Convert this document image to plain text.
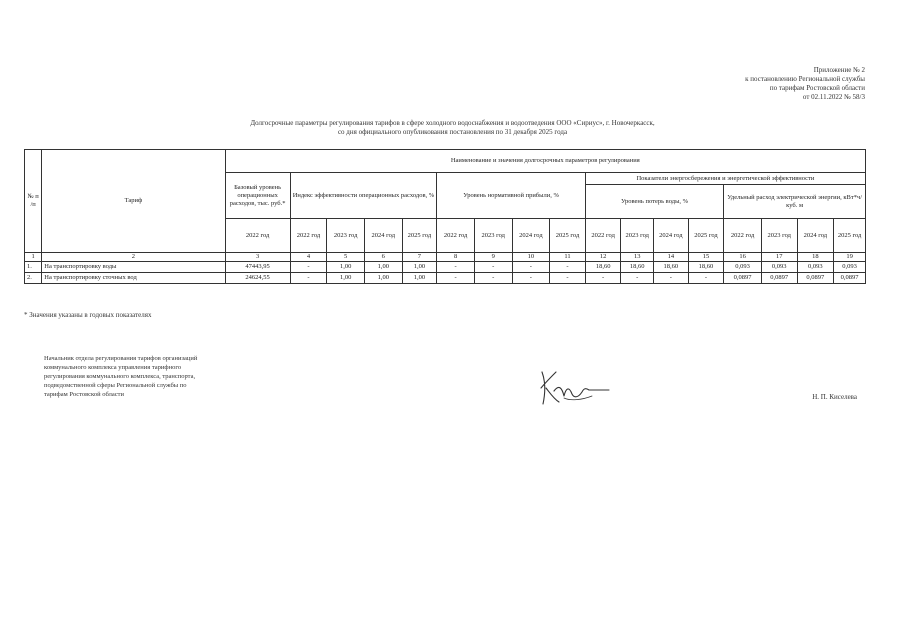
Приложение № 2
к постановлению Региональной службы
по тарифам Ростовской области
от 02.11.2022 № 58/3
Долгосрочные параметры регулирования тарифов в сфере холодного водоснабжения и водоотведения ООО «Сириус», г. Новочеркасск,
со дня официального опубликования постановления по 31 декабря 2025 года
№ п /п	Тариф	Наименование и значения долгосрочных параметров регулирования																
		Базовый уровень операционных расходов, тыс. руб.*	Индекс эффективности операционных расходов, %				Уровень нормативной прибыли, %				Показатели энергосбережения и энергетической эффективности							
											Уровень потерь воды, %				Удельный расход электрической энергии, кВт*ч/куб. м			
		2022 год	2022 год	2023 год	2024 год	2025 год	2022 год	2023 год	2024 год	2025 год	2022 год	2023 год	2024 год	2025 год	2022 год	2023 год	2024 год	2025 год
1	2	3	4	5	6	7	8	9	10	11	12	13	14	15	16	17	18	19
1.	На транспортировку воды	47443,95	-	1,00	1,00	1,00	-	-	-	-	18,60	18,60	18,60	18,60	0,093	0,093	0,093	0,093
2.	На транспортировку сточных вод	24624,55	-	1,00	1,00	1,00	-	-	-	-	-	-	-	-	0,0897	0,0897	0,0897	0,0897
* Значения указаны в годовых показателях
Начальник отдела регулирования тарифов организаций
коммунального комплекса управления тарифного
регулирования коммунального комплекса, транспорта,
подведомственной сферы Региональной службы по
тарифам Ростовской области	Н. П. Киселева
